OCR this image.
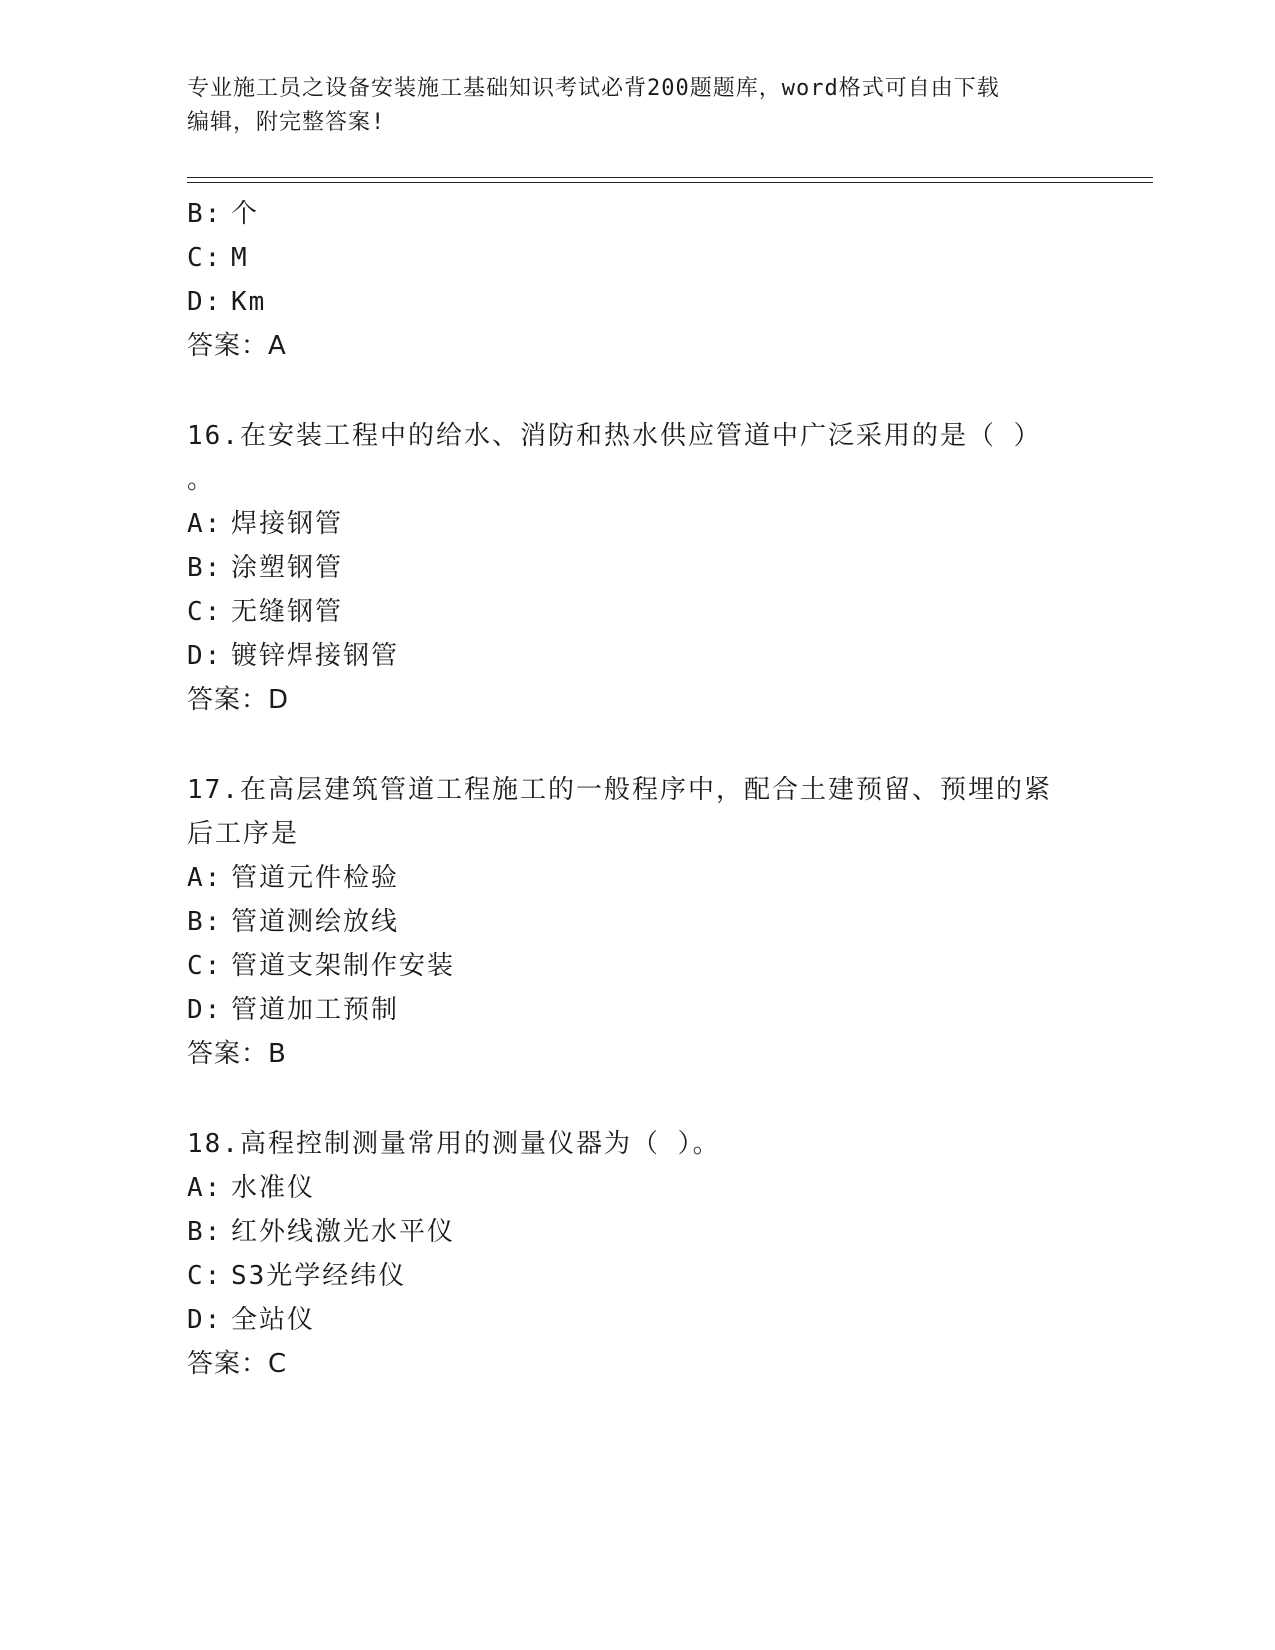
专业施工员之设备安装施工基础知识考试必背200题题库，word格式可自由下载
编辑，附完整答案!
B: 个
C: M
D: Km
答案：A
16.在安装工程中的给水、消防和热水供应管道中广泛采用的是（ ）
。
A: 焊接钢管
B: 涂塑钢管
C: 无缝钢管
D: 镀锌焊接钢管
答案：D
17.在高层建筑管道工程施工的一般程序中，配合土建预留、预埋的紧
后工序是
A: 管道元件检验
B: 管道测绘放线
C: 管道支架制作安装
D: 管道加工预制
答案：B
18.高程控制测量常用的测量仪器为（ ）。
A: 水准仪
B: 红外线激光水平仪
C: S3光学经纬仪
D: 全站仪
答案：C
